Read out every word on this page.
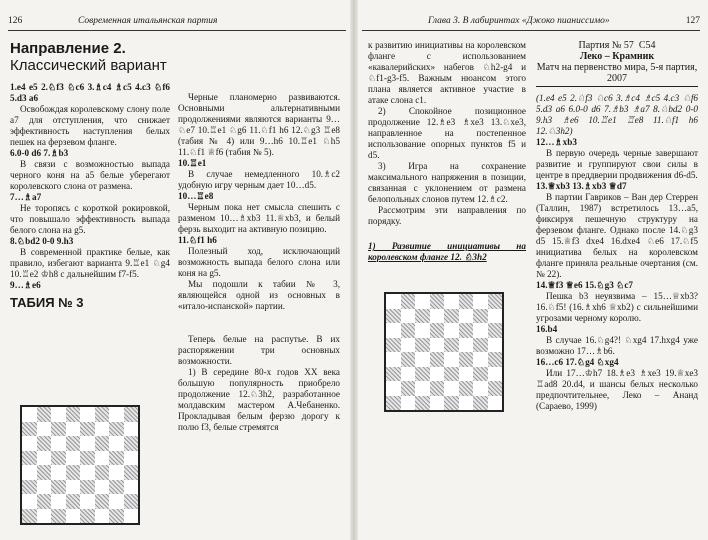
126	Современная итальянская партия

Направление 2.

Классический вариант

1.e4 e5 2.♘f3 ♘c6 3.♗c4 ♗c5 4.c3 ♘f6 5.d3 a6

Освобождая королевскому слону поле a7 для отступления, что снижает эффективность наступления белых пешек на ферзевом фланге.

6.0-0 d6 7.♗b3

В связи с возможностью выпада черного коня на a5 белые уберегают королевского слона от размена.

7…♗a7

Не торопясь с короткой рокировкой, что повышало эффективность выпада белого слона на g5.

8.♘bd2 0-0 9.h3

В современной практике белые, как правило, избегают варианта 9.♖e1 ♘g4 10.♖e2 ♔h8 с дальнейшим f7-f5.

9…♗e6

ТАБИЯ № 3

Черные планомерно развиваются. Основными альтернативными продолжениями являются варианты 9…♘e7 10.♖e1 ♘g6 11.♘f1 h6 12.♘g3 ♖e8 (табия № 4) или 9…h6 10.♖e1 ♘h5 11.♘f1 ♕f6 (табия № 5).

10.♖e1

В случае немедленного 10.♗c2 удобную игру черным дает 10…d5.

10…♖e8

Черным пока нет смысла спешить с разменом 10…♗xb3 11.♕xb3, и белый ферзь выходит на активную позицию.

11.♘f1 h6

Полезный ход, исключающий возможность выпада белого слона или коня на g5.

Мы подошли к табии № 3, являющейся одной из основных в «итало-испанской» партии.

Теперь белые на распутье. В их распоряжении три основных возможности.

1) В середине 80-х годов XX века большую популярность приобрело продолжение 12.♘3h2, разработанное молдавским мастером А.Чебаненко. Прокладывая белым ферзю дорогу к полю f3, белые стремятся

Глава 3. В лабиринтах «Джоко пианиссимо»	127

к развитию инициативы на королевском фланге с использованием «кавалерийских» набегов ♘h2-g4 и ♘f1-g3-f5. Важным нюансом этого плана является активное участие в атаке слона c1.

2) Спокойное позиционное продолжение 12.♗e3 ♗xe3 13.♘xe3, направленное на постепенное использование опорных пунктов f5 и d5.

3) Игра на сохранение максимального напряжения в позиции, связанная с уклонением от размена белопольных слонов путем 12.♗c2.

Рассмотрим эти направления по порядку.

1) Развитие инициативы на королевском фланге 12. ♘3h2

Партия № 57 C54

Леко – Крамник

Матч на первенство мира, 5-я партия, 2007

(1.e4 e5 2.♘f3 ♘c6 3.♗c4 ♗c5 4.c3 ♘f6 5.d3 a6 6.0-0 d6 7.♗b3 ♗a7 8.♘bd2 0-0 9.h3 ♗e6 10.♖e1 ♖e8 11.♘f1 h6 12.♘3h2)

12…♗xb3

В первую очередь черные завершают развитие и группируют свои силы в центре в преддверии продвижения d6-d5.

13.♕xb3 13.♗xb3 ♕d7

В партии Гавриков – Ван дер Стеррен (Таллин, 1987) встретилось 13…a5, фиксируя пешечную структуру на ферзевом фланге. Однако после 14.♘g3 d5 15.♕f3 dxe4 16.dxe4 ♘e6 17.♘f5 инициатива белых на королевском фланге приняла реальные очертания (см. № 22).

14.♕f3 ♕e6 15.♘g3 ♘c7

Пешка b3 неуязвима – 15…♕xb3? 16.♘f5! (16.♗xh6 ♕xb2) с сильнейшими угрозами черному королю.

16.b4

В случае 16.♘g4?! ♘xg4 17.hxg4 уже возможно 17…♗b6.

16…c6 17.♘g4 ♘xg4

Или 17…♔h7 18.♗e3 ♗xe3 19.♕xe3 ♖ad8 20.d4, и шансы белых несколько предпочтительнее, Леко – Ананд (Сараево, 1999)
